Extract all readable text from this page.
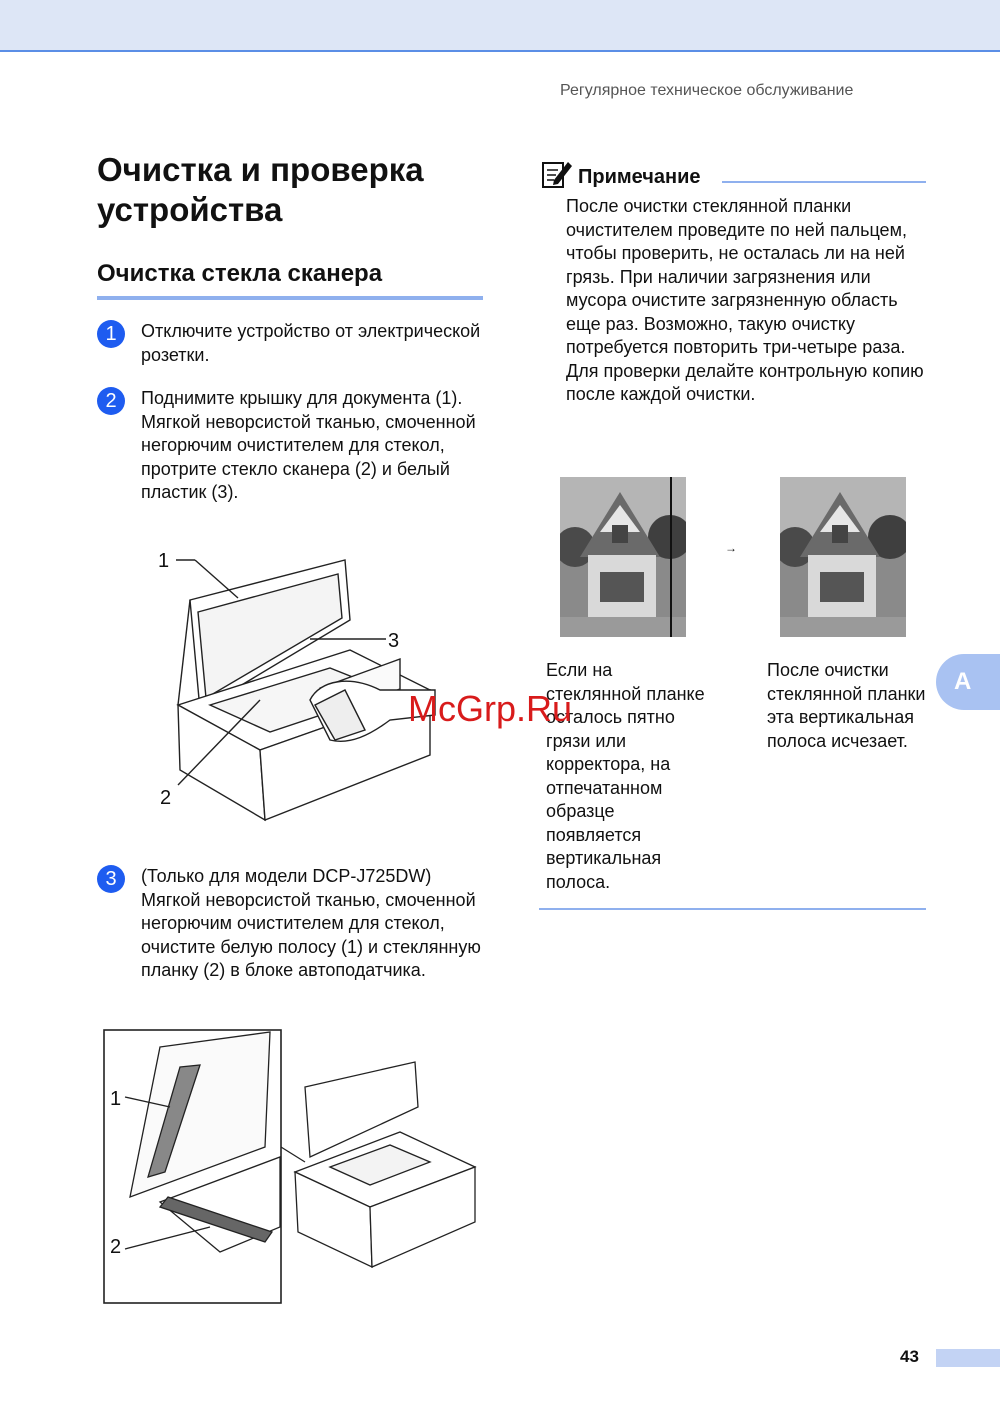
Регулярное техническое обслуживание
Очистка и проверка устройства
Очистка стекла сканера
1	Отключите устройство от электрической розетки.
2	Поднимите крышку для документа (1). Мягкой неворсистой тканью, смоченной негорючим очистителем для стекол, протрите стекло сканера (2) и белый пластик (3).
1
3
2
3	(Только для модели DCP-J725DW) Мягкой неворсистой тканью, смоченной негорючим очистителем для стекол, очистите белую полосу (1) и стеклянную планку (2) в блоке автоподатчика.
1
2
Примечание
После очистки стеклянной планки очистителем проведите по ней пальцем, чтобы проверить, не осталась ли на ней грязь. При наличии загрязнения или мусора очистите загрязненную область еще раз. Возможно, такую очистку потребуется повторить три-четыре раза. Для проверки делайте контрольную копию после каждой очистки.
→
Если на стеклянной планке осталось пятно грязи или корректора, на отпечатанном образце появляется вертикальная полоса.
После очистки стеклянной планки эта вертикальная полоса исчезает.
A
McGrp.Ru
43
